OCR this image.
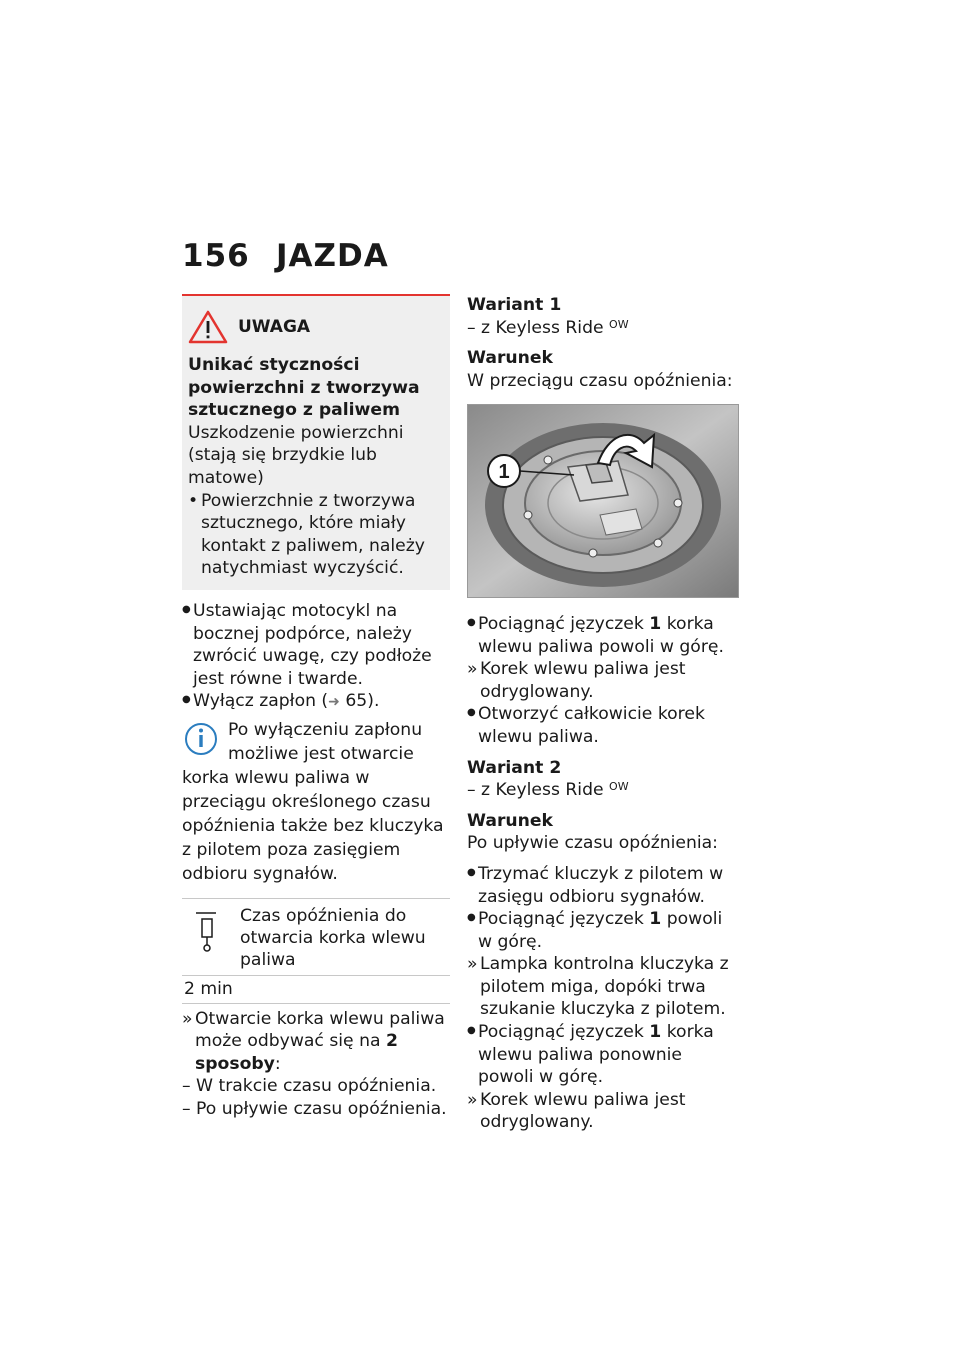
156 JAZDA
UWAGA
Unikać styczności powierzchni z tworzywa sztucznego z paliwem
Uszkodzenie powierzchni (stają się brzydkie lub matowe)
• Powierzchnie z tworzywa sztucznego, które miały kontakt z paliwem, należy natychmiast wyczyścić.
● Ustawiając motocykl na bocznej podpórce, należy zwrócić uwagę, czy podłoże jest równe i twarde.
● Wyłącz zapłon (➜ 65).

Po wyłączeniu zapłonu możliwe jest otwarcie korka wlewu paliwa w przeciągu określonego czasu opóźnienia także bez kluczyka z pilotem poza zasięgiem odbioru sygnałów.

Czas opóźnienia do otwarcia korka wlewu paliwa

2 min
» Otwarcie korka wlewu paliwa może odbywać się na 2 sposoby:
– W trakcie czasu opóźnienia.
– Po upływie czasu opóźnienia.
Wariant 1
– z Keyless Ride $^{OW}$
Warunek
W przeciągu czasu opóźnienia:
1
● Pociągnąć języczek 1 korka wlewu paliwa powoli w górę.
» Korek wlewu paliwa jest odryglowany.
● Otworzyć całkowicie korek wlewu paliwa.
Wariant 2
– z Keyless Ride $^{OW}$
Warunek
Po upływie czasu opóźnienia:
● Trzymać kluczyk z pilotem w zasięgu odbioru sygnałów.
● Pociągnąć języczek 1 powoli w górę.
» Lampka kontrolna kluczyka z pilotem miga, dopóki trwa szukanie kluczyka z pilotem.
● Pociągnąć języczek 1 korka wlewu paliwa ponownie powoli w górę.
» Korek wlewu paliwa jest odryglowany.
